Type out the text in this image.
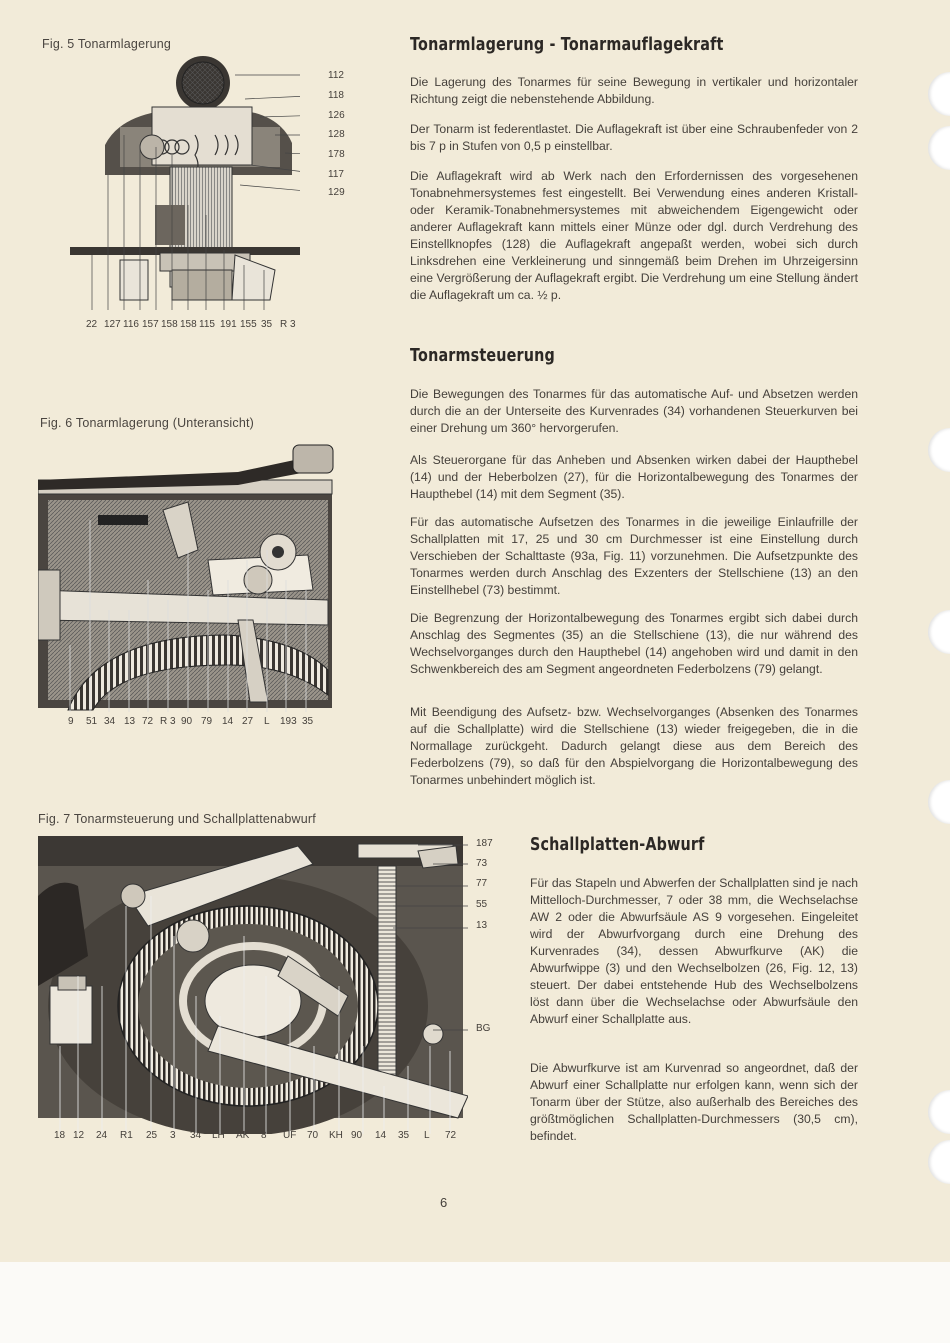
Fig. 5 Tonarmlagerung
112
118
126
128
178
117
129
22 127 116 157 158 158 115 191 155 35 R 3
Fig. 6 Tonarmlagerung (Unteransicht)
9 51 34 13 72 R 3 90 79 14 27 L 193 35
Fig. 7 Tonarmsteuerung und Schallplattenabwurf
187
73
77
55
13
BG
18 12 24 R1 25 3 34 LH AK 8 ÜF 70 KH 90 14 35 L 72
Tonarmlagerung - Tonarmauflagekraft

Die Lagerung des Tonarmes für seine Bewegung in vertikaler und horizontaler Richtung zeigt die nebenstehende Abbildung.

Der Tonarm ist federentlastet. Die Auflagekraft ist über eine Schraubenfeder von 2 bis 7 p in Stufen von 0,5 p einstellbar.

Die Auflagekraft wird ab Werk nach den Erfordernissen des vorgesehenen Tonabnehmersystemes fest eingestellt. Bei Verwendung eines anderen Kristall- oder Keramik-Tonabnehmersystemes mit abweichendem Eigengewicht oder anderer Auflagekraft kann mittels einer Münze oder dgl. durch Verdrehung des Einstellknopfes (128) die Auflagekraft angepaßt werden, wobei sich durch Linksdrehen eine Verkleinerung und sinngemäß beim Drehen im Uhrzeigersinn eine Vergrößerung der Auflagekraft ergibt. Die Verdrehung um eine Stellung ändert die Auflagekraft um ca. ½ p.

Tonarmsteuerung

Die Bewegungen des Tonarmes für das automatische Auf- und Absetzen werden durch die an der Unterseite des Kurvenrades (34) vorhandenen Steuerkurven bei einer Drehung um 360° hervorgerufen.

Als Steuerorgane für das Anheben und Absenken wirken dabei der Haupthebel (14) und der Heberbolzen (27), für die Horizontalbewegung des Tonarmes der Haupthebel (14) mit dem Segment (35).

Für das automatische Aufsetzen des Tonarmes in die jeweilige Einlaufrille der Schallplatten mit 17, 25 und 30 cm Durchmesser ist eine Einstellung durch Verschieben der Schalttaste (93a, Fig. 11) vorzunehmen. Die Aufsetzpunkte des Tonarmes werden durch Anschlag des Exzenters der Stellschiene (13) an den Einstellhebel (73) bestimmt.

Die Begrenzung der Horizontalbewegung des Tonarmes ergibt sich dabei durch Anschlag des Segmentes (35) an die Stellschiene (13), die nur während des Wechselvorganges durch den Haupthebel (14) angehoben wird und damit in den Schwenkbereich des am Segment angeordneten Federbolzens (79) gelangt.

Mit Beendigung des Aufsetz- bzw. Wechselvorganges (Absenken des Tonarmes auf die Schallplatte) wird die Stellschiene (13) wieder freigegeben, die in die Normallage zurückgeht. Dadurch gelangt diese aus dem Bereich des Federbolzens (79), so daß für den Abspielvorgang die Horizontalbewegung des Tonarmes unbehindert möglich ist.

Schallplatten-Abwurf

Für das Stapeln und Abwerfen der Schallplatten sind je nach Mittelloch-Durchmesser, 7 oder 38 mm, die Wechselachse AW 2 oder die Abwurfsäule AS 9 vorgesehen. Eingeleitet wird der Abwurfvorgang durch eine Drehung des Kurvenrades (34), dessen Abwurfkurve (AK) die Abwurfwippe (3) und den Wechselbolzen (26, Fig. 12, 13) steuert. Der dabei entstehende Hub des Wechselbolzens löst dann über die Wechselachse oder Abwurfsäule den Abwurf einer Schallplatte aus.

Die Abwurfkurve ist am Kurvenrad so angeordnet, daß der Abwurf einer Schallplatte nur erfolgen kann, wenn sich der Tonarm über der Stütze, also außerhalb des Bereiches des größtmöglichen Schallplatten-Durchmessers (30,5 cm), befindet.

6
